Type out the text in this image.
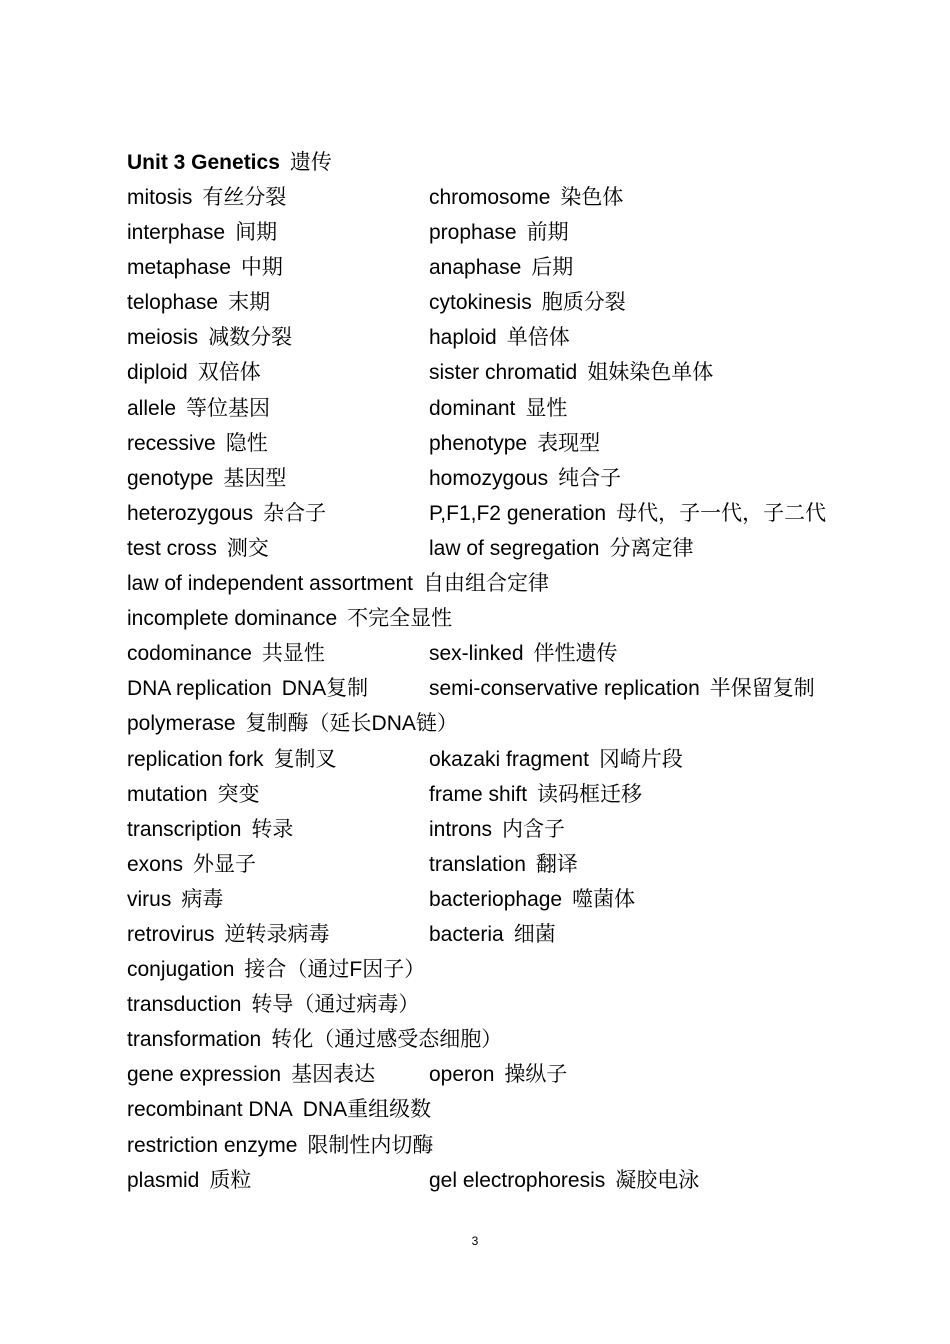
Unit 3 Genetics 遗传
mitosis 有丝分裂	chromosome 染色体
interphase 间期	prophase 前期
metaphase 中期	anaphase 后期
telophase 末期	cytokinesis 胞质分裂
meiosis 减数分裂	haploid 单倍体
diploid 双倍体	sister chromatid 姐妹染色单体
allele 等位基因	dominant 显性
recessive 隐性	phenotype 表现型
genotype 基因型	homozygous 纯合子
heterozygous 杂合子	P,F1,F2 generation 母代，子一代，子二代
test cross 测交	law of segregation 分离定律
law of independent assortment 自由组合定律
incomplete dominance 不完全显性
codominance 共显性	sex-linked 伴性遗传
DNA replication DNA复制	semi-conservative replication 半保留复制
polymerase 复制酶（延长DNA链）
replication fork 复制叉	okazaki fragment 冈崎片段
mutation 突变	frame shift 读码框迁移
transcription 转录	introns 内含子
exons 外显子	translation 翻译
virus 病毒	bacteriophage 噬菌体
retrovirus 逆转录病毒	bacteria 细菌
conjugation 接合（通过F因子）
transduction 转导（通过病毒）
transformation 转化（通过感受态细胞）
gene expression 基因表达	operon 操纵子
recombinant DNA DNA重组级数
restriction enzyme 限制性内切酶
plasmid 质粒	gel electrophoresis 凝胶电泳
3
